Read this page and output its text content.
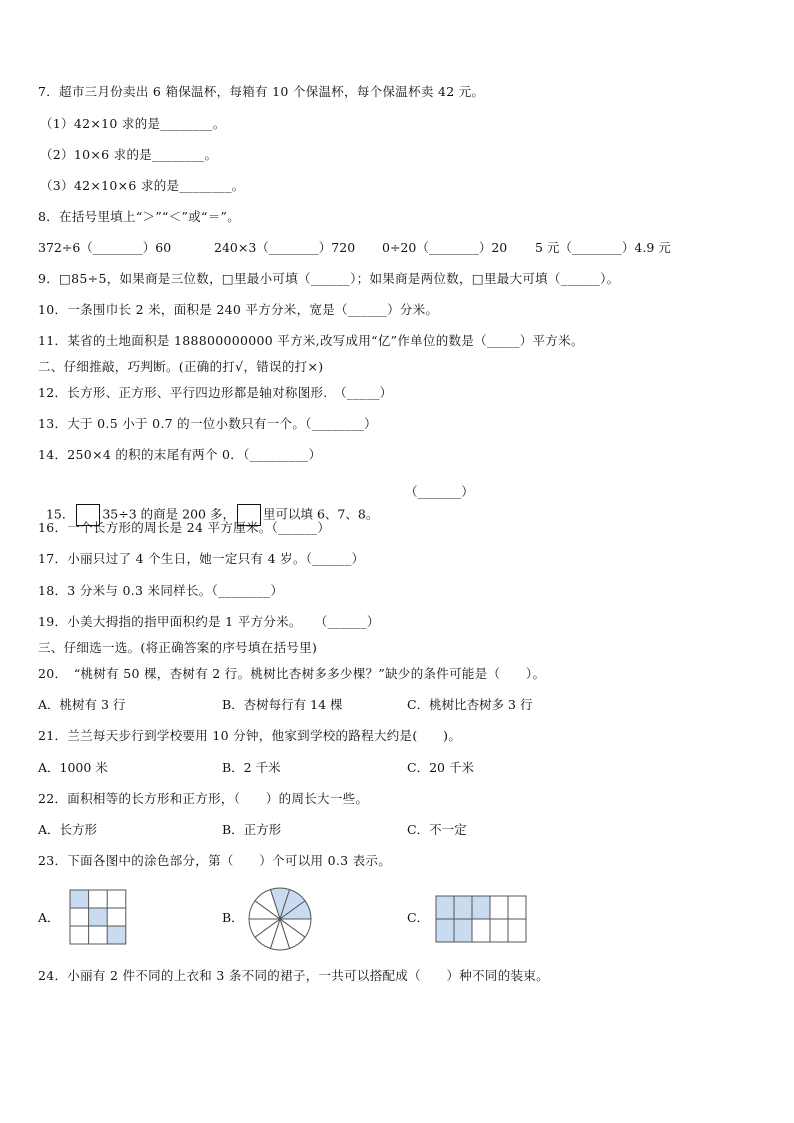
7．超市三月份卖出 6 箱保温杯，每箱有 10 个保温杯，每个保温杯卖 42 元。
（1）42×10 求的是________。
（2）10×6 求的是________。
（3）42×10×6 求的是________。
8．在括号里填上“＞”“＜”或“＝”。
372÷6（________）60	240×3（________）720 0÷20（________）20 5 元（________）4.9 元
9．□85÷5，如果商是三位数，□里最小可填（______）；如果商是两位数，□里最大可填（______）。
10．一条围巾长 2 米，面积是 240 平方分米，宽是（______）分米。
11．某省的土地面积是 188800000000 平方米,改写成用“亿”作单位的数是（_____）平方米。
二、仔细推敲，巧判断。(正确的打√，错误的打×)
12．长方形、正方形、平行四边形都是轴对称图形.　（_____）
13．大于 0.5 小于 0.7 的一位小数只有一个。（________）
14．250×4 的积的末尾有两个 0．（_________）

15． 35÷3 的商是 200 多， 里可以填 6、7、8。

（_______）
16．一个长方形的周长是 24 平方厘米。（______）
17．小丽只过了 4 个生日，她一定只有 4 岁。（______）
18．3 分米与 0.3 米同样长。（________）
19．小美大拇指的指甲面积约是 1 平方分米。　　（______）
三、仔细选一选。(将正确答案的序号填在括号里)
20．　“桃树有 50 棵，杏树有 2 行。桃树比杏树多多少棵？”缺少的条件可能是（　　）。
A．桃树有 3 行	B．杏树每行有 14 棵	C．桃树比杏树多 3 行
21．兰兰每天步行到学校要用 10 分钟，他家到学校的路程大约是(　　)。
A．1000 米	B．2 千米	C．20 千米
22．面积相等的长方形和正方形，（　　）的周长大一些。
A．长方形	B．正方形	C．不一定
23．下面各图中的涂色部分，第（　　）个可以用 0.3 表示。
A．	B．	C．
24．小丽有 2 件不同的上衣和 3 条不同的裙子，一共可以搭配成（　　）种不同的装束。
